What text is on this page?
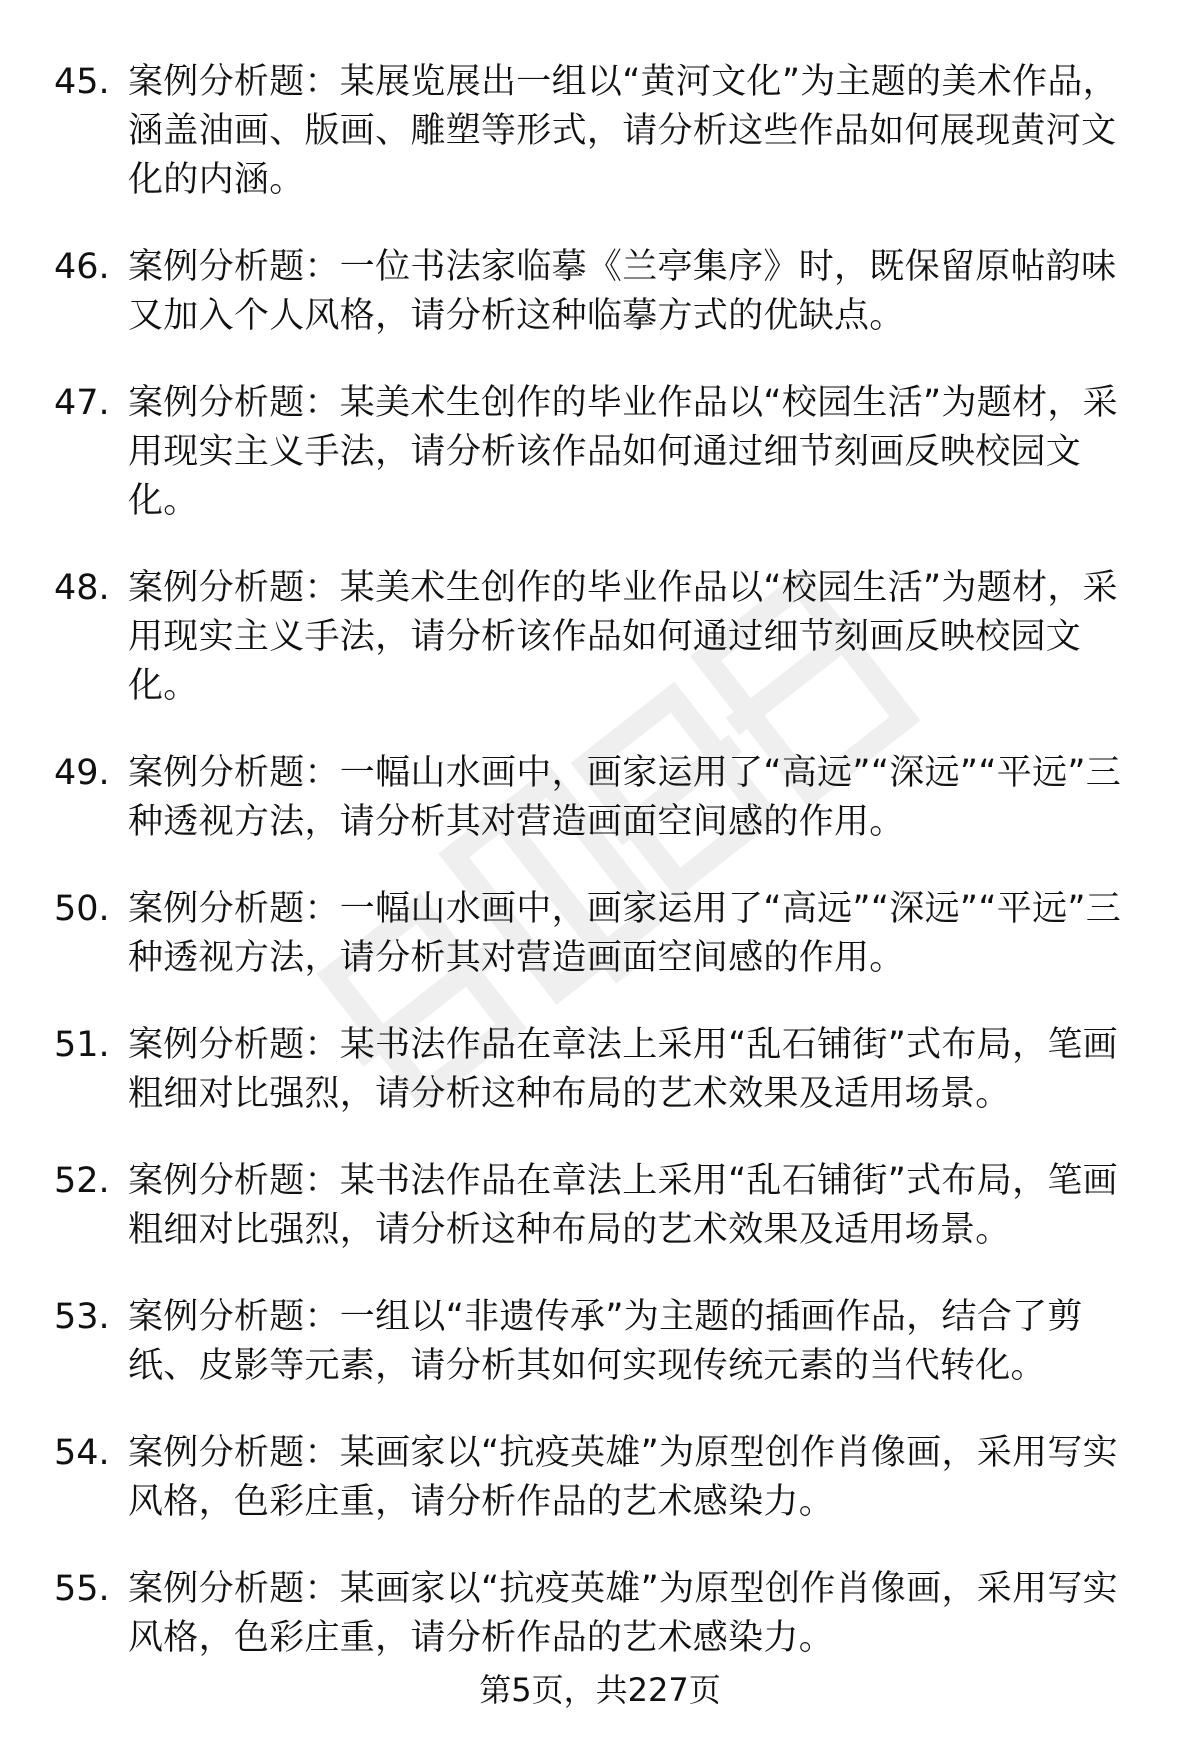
45. 案例分析题：某展览展出一组以“黄河文化”为主题的美术作品，涵盖油画、版画、雕塑等形式，请分析这些作品如何展现黄河文化的内涵。
46. 案例分析题：一位书法家临摹《兰亭集序》时，既保留原帖韵味又加入个人风格，请分析这种临摹方式的优缺点。
47. 案例分析题：某美术生创作的毕业作品以“校园生活”为题材，采用现实主义手法，请分析该作品如何通过细节刻画反映校园文化。
48. 案例分析题：某美术生创作的毕业作品以“校园生活”为题材，采用现实主义手法，请分析该作品如何通过细节刻画反映校园文化。
49. 案例分析题：一幅山水画中，画家运用了“高远”“深远”“平远”三种透视方法，请分析其对营造画面空间感的作用。
50. 案例分析题：一幅山水画中，画家运用了“高远”“深远”“平远”三种透视方法，请分析其对营造画面空间感的作用。
51. 案例分析题：某书法作品在章法上采用“乱石铺街”式布局，笔画粗细对比强烈，请分析这种布局的艺术效果及适用场景。
52. 案例分析题：某书法作品在章法上采用“乱石铺街”式布局，笔画粗细对比强烈，请分析这种布局的艺术效果及适用场景。
53. 案例分析题：一组以“非遗传承”为主题的插画作品，结合了剪纸、皮影等元素，请分析其如何实现传统元素的当代转化。
54. 案例分析题：某画家以“抗疫英雄”为原型创作肖像画，采用写实风格，色彩庄重，请分析作品的艺术感染力。
55. 案例分析题：某画家以“抗疫英雄”为原型创作肖像画，采用写实风格，色彩庄重，请分析作品的艺术感染力。
第5页，共227页
